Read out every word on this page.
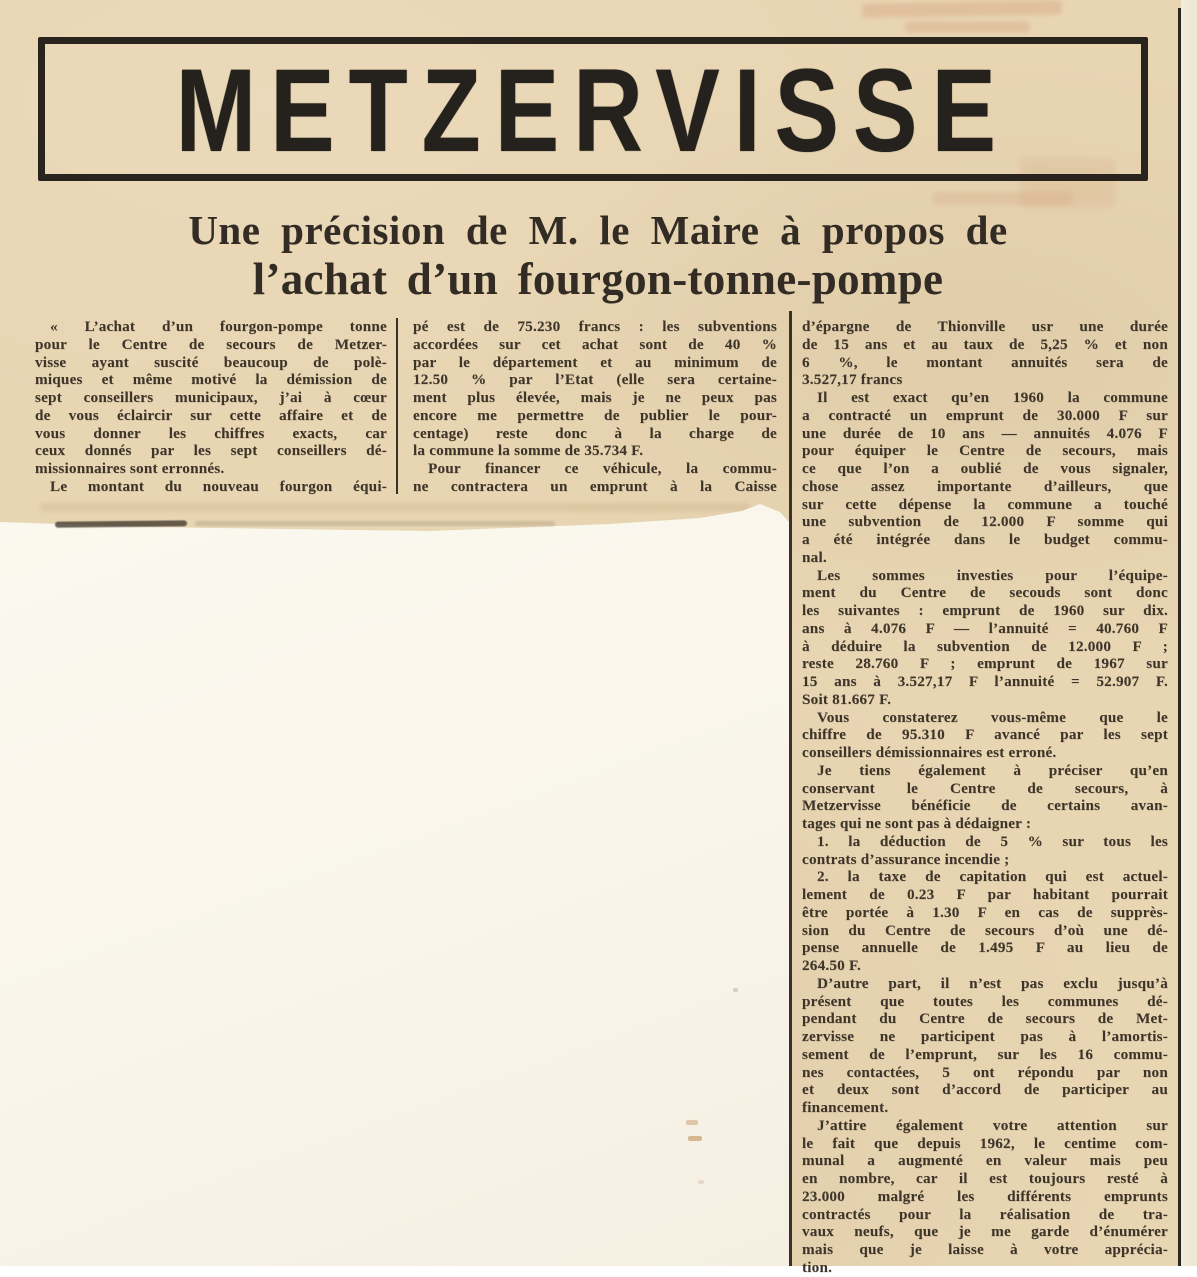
METZERVISSE
Une précision de M. le Maire à propos de
l’achat d’un fourgon-tonne-pompe
« L’achat d’un fourgon-pompe tonne
pour le Centre de secours de Metzer-
visse ayant suscité beaucoup de polè-
miques et même motivé la démission de
sept conseillers municipaux, j’ai à cœur
de vous éclaircir sur cette affaire et de
vous donner les chiffres exacts, car
ceux donnés par les sept conseillers dé-
missionnaires sont erronnés.
Le montant du nouveau fourgon équi-
pé est de 75.230 francs : les subventions
accordées sur cet achat sont de 40 %
par le département et au minimum de
12.50 % par l’Etat (elle sera certaine-
ment plus élevée, mais je ne peux pas
encore me permettre de publier le pour-
centage) reste donc à la charge de
la commune la somme de 35.734 F.
Pour financer ce véhicule, la commu-
ne contractera un emprunt à la Caisse
d’épargne de Thionville usr une durée
de 15 ans et au taux de 5,25 % et non
6 %, le montant annuités sera de
3.527,17 francs
Il est exact qu’en 1960 la commune
a contracté un emprunt de 30.000 F sur
une durée de 10 ans — annuités 4.076 F
pour équiper le Centre de secours, mais
ce que l’on a oublié de vous signaler,
chose assez importante d’ailleurs, que
sur cette dépense la commune a touché
une subvention de 12.000 F somme qui
a été intégrée dans le budget commu-
nal.
Les sommes investies pour l’équipe-
ment du Centre de secouds sont donc
les suivantes : emprunt de 1960 sur dix.
ans à 4.076 F — l’annuité = 40.760 F
à déduire la subvention de 12.000 F ;
reste 28.760 F ; emprunt de 1967 sur
15 ans à 3.527,17 F l’annuité = 52.907 F.
Soit 81.667 F.
Vous constaterez vous-même que le
chiffre de 95.310 F avancé par les sept
conseillers démissionnaires est erroné.
Je tiens également à préciser qu’en
conservant le Centre de secours, à
Metzervisse bénéficie de certains avan-
tages qui ne sont pas à dédaigner :
1. la déduction de 5 % sur tous les
contrats d’assurance incendie ;
2. la taxe de capitation qui est actuel-
lement de 0.23 F par habitant pourrait
être portée à 1.30 F en cas de supprès-
sion du Centre de secours d’où une dé-
pense annuelle de 1.495 F au lieu de
264.50 F.
D’autre part, il n’est pas exclu jusqu’à
présent que toutes les communes dé-
pendant du Centre de secours de Met-
zervisse ne participent pas à l’amortis-
sement de l’emprunt, sur les 16 commu-
nes contactées, 5 ont répondu par non
et deux sont d’accord de participer au
financement.
J’attire également votre attention sur
le fait que depuis 1962, le centime com-
munal a augmenté en valeur mais peu
en nombre, car il est toujours resté à
23.000 malgré les différents emprunts
contractés pour la réalisation de tra-
vaux neufs, que je me garde d’énumérer
mais que je laisse à votre apprécia-
tion.
